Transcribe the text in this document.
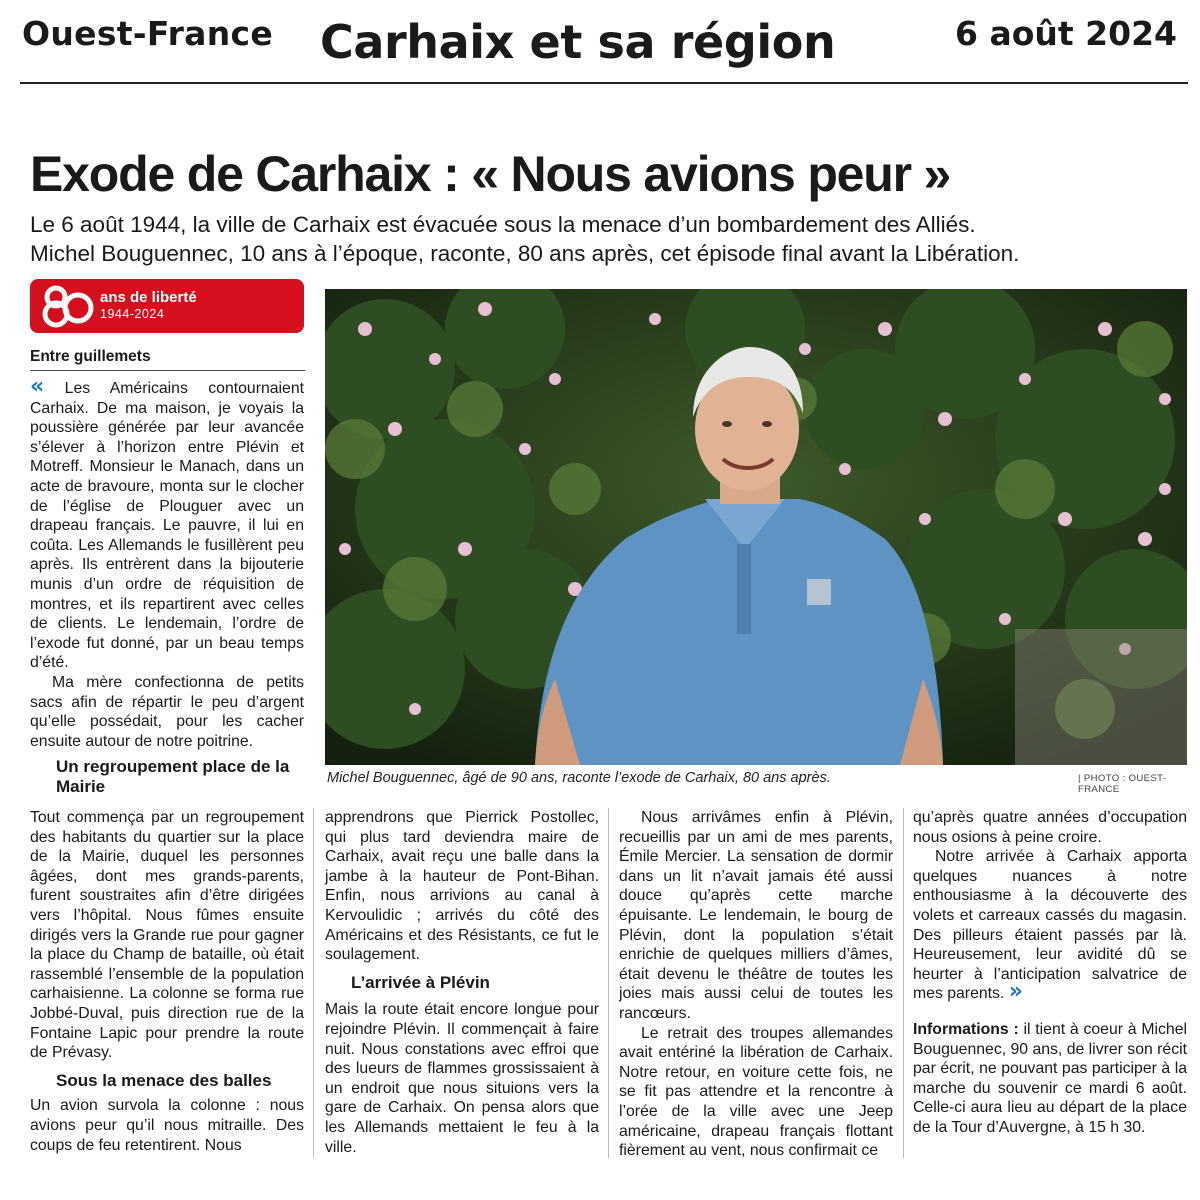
Ouest-France Carhaix et sa région	6 août 2024
Exode de Carhaix : « Nous avions peur »
Le 6 août 1944, la ville de Carhaix est évacuée sous la menace d’un bombardement des Alliés.
Michel Bouguennec, 10 ans à l’époque, raconte, 80 ans après, cet épisode final avant la Libération.
ans de liberté
1944-2024
Entre guillemets

« Les Américains contournaient Carhaix. De ma maison, je voyais la poussière générée par leur avancée s’élever à l’horizon entre Plévin et Motreff. Monsieur le Manach, dans un acte de bravoure, monta sur le clocher de l’église de Plouguer avec un drapeau français. Le pauvre, il lui en coûta. Les Allemands le fusillèrent peu après. Ils entrèrent dans la bijouterie munis d’un ordre de réquisition de montres, et ils repartirent avec celles de clients. Le lendemain, l’ordre de l’exode fut donné, par un beau temps d’été.

Ma mère confectionna de petits sacs afin de répartir le peu d’argent qu’elle possédait, pour les cacher ensuite autour de notre poitrine.

Un regroupement place de la Mairie

Tout commença par un regroupement des habitants du quartier sur la place de la Mairie, duquel les personnes âgées, dont mes grands-parents, furent soustraites afin d’être dirigées vers l’hôpital. Nous fûmes ensuite dirigés vers la Grande rue pour gagner la place du Champ de bataille, où était rassemblé l’ensemble de la population carhaisienne. La colonne se forma rue Jobbé-Duval, puis direction rue de la Fontaine Lapic pour prendre la route de Prévasy.

Sous la menace des balles

Un avion survola la colonne : nous avions peur qu’il nous mitraille. Des coups de feu retentirent. Nous

apprendrons que Pierrick Postollec, qui plus tard deviendra maire de Carhaix, avait reçu une balle dans la jambe à la hauteur de Pont-Bihan. Enfin, nous arrivions au canal à Kervoulidic ; arrivés du côté des Américains et des Résistants, ce fut le soulagement.

L’arrivée à Plévin

Mais la route était encore longue pour rejoindre Plévin. Il commençait à faire nuit. Nous constations avec effroi que des lueurs de flammes grossissaient à un endroit que nous situions vers la gare de Carhaix. On pensa alors que les Allemands mettaient le feu à la ville.

Nous arrivâmes enfin à Plévin, recueillis par un ami de mes parents, Émile Mercier. La sensation de dormir dans un lit n’avait jamais été aussi douce qu’après cette marche épuisante. Le lendemain, le bourg de Plévin, dont la population s’était enrichie de quelques milliers d’âmes, était devenu le théâtre de toutes les joies mais aussi celui de toutes les rancœurs.

Le retrait des troupes allemandes avait entériné la libération de Carhaix. Notre retour, en voiture cette fois, ne se fit pas attendre et la rencontre à l’orée de la ville avec une Jeep américaine, drapeau français flottant fièrement au vent, nous confirmait ce

qu’après quatre années d’occupation nous osions à peine croire.

Notre arrivée à Carhaix apporta quelques nuances à notre enthousiasme à la découverte des volets et carreaux cassés du magasin. Des pilleurs étaient passés par là. Heureusement, leur avidité dû se heurter à l’anticipation salvatrice de mes parents. »

Informations : il tient à coeur à Michel Bouguennec, 90 ans, de livrer son récit par écrit, ne pouvant pas participer à la marche du souvenir ce mardi 6 août. Celle-ci aura lieu au départ de la place de la Tour d’Auvergne, à 15 h 30.

Michel Bouguennec, âgé de 90 ans, raconte l’exode de Carhaix, 80 ans après.	| PHOTO : OUEST-FRANCE
